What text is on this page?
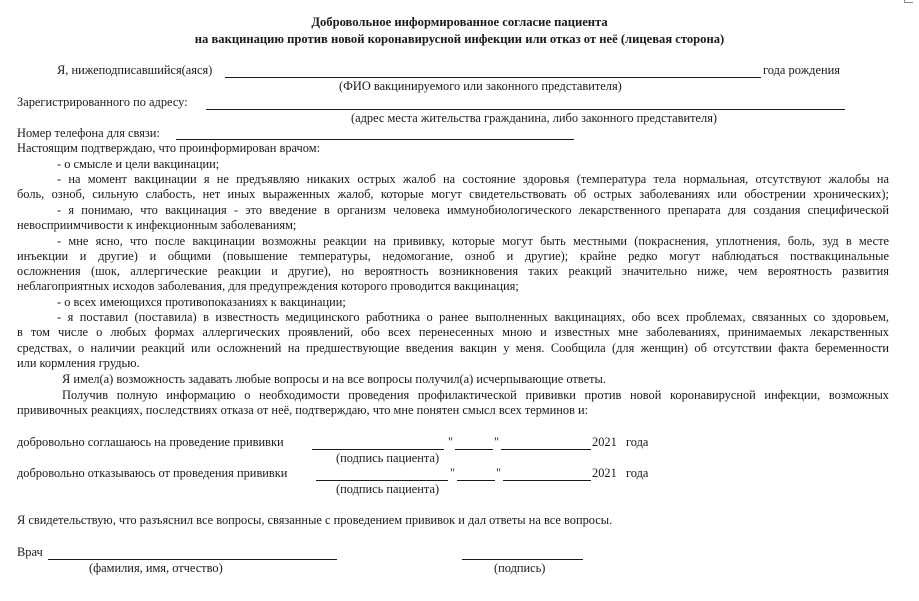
Добровольное информированное согласие пациента
на вакцинацию против новой коронавирусной инфекции или отказ от неё (лицевая сторона)
Я, нижеподписавшийся(аяся)	года рождения
(ФИО вакцинируемого или законного представителя)
Зарегистрированного по адресу:
(адрес места жительства гражданина, либо законного представителя)
Номер телефона для связи:
Настоящим подтверждаю, что проинформирован врачом:
- о смысле и цели вакцинации;
- на момент вакцинации я не предъявляю никаких острых жалоб на состояние здоровья (температура тела нормальная, отсутствуют жалобы на
боль, озноб, сильную слабость, нет иных выраженных жалоб, которые могут свидетельствовать об острых заболеваниях или обострении хронических);
- я понимаю, что вакцинация - это введение в организм человека иммунобиологического лекарственного препарата для создания специфической
невосприимчивости к инфекционным заболеваниям;
- мне ясно, что после вакцинации возможны реакции на прививку, которые могут быть местными (покраснения, уплотнения, боль, зуд в месте
инъекции и другие) и общими (повышение температуры, недомогание, озноб и другие); крайне редко могут наблюдаться поствакцинальные
осложнения (шок, аллергические реакции и другие), но вероятность возникновения таких реакций значительно ниже, чем вероятность развития
неблагоприятных исходов заболевания, для предупреждения которого проводится вакцинация;
- о всех имеющихся противопоказаниях к вакцинации;
- я поставил (поставила) в известность медицинского работника о ранее выполненных вакцинациях, обо всех проблемах, связанных со здоровьем,
в том числе о любых формах аллергических проявлений, обо всех перенесенных мною и известных мне заболеваниях, принимаемых лекарственных
средствах, о наличии реакций или осложнений на предшествующие введения вакцин у меня. Сообщила (для женщин) об отсутствии факта беременности
или кормления грудью.
Я имел(а) возможность задавать любые вопросы и на все вопросы получил(а) исчерпывающие ответы.
Получив полную информацию о необходимости проведения профилактической прививки против новой коронавирусной инфекции, возможных
прививочных реакциях, последствиях отказа от неё, подтверждаю, что мне понятен смысл всех терминов и:
добровольно соглашаюсь на проведение прививки	"	"	2021 года
(подпись пациента)
добровольно отказываюсь от проведения прививки	"	"	2021 года
(подпись пациента)
Я свидетельствую, что разъяснил все вопросы, связанные с проведением прививок и дал ответы на все вопросы.
Врач
(фамилия, имя, отчество)	(подпись)
